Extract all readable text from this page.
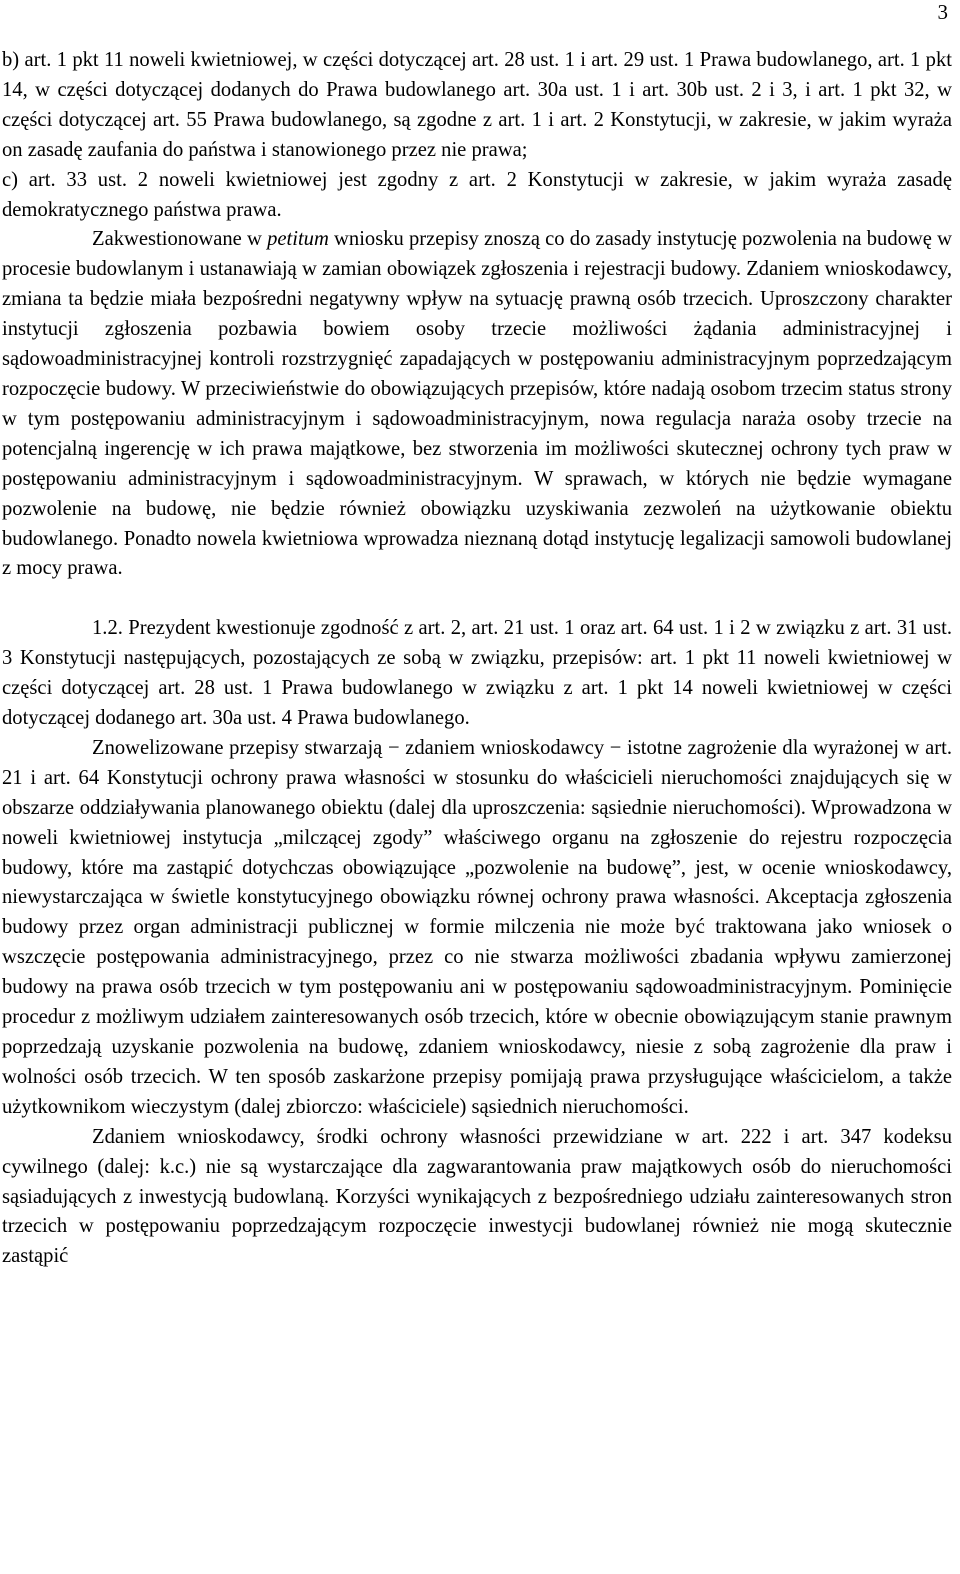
3

b) art. 1 pkt 11 noweli kwietniowej, w części dotyczącej art. 28 ust. 1 i art. 29 ust. 1 Prawa budowlanego, art. 1 pkt 14, w części dotyczącej dodanych do Prawa budowlanego art. 30a ust. 1 i art. 30b ust. 2 i 3, i art. 1 pkt 32, w części dotyczącej art. 55 Prawa budowlanego, są zgodne z art. 1 i art. 2 Konstytucji, w zakresie, w jakim wyraża on zasadę zaufania do państwa i stanowionego przez nie prawa;

c) art. 33 ust. 2 noweli kwietniowej jest zgodny z art. 2 Konstytucji w zakresie, w jakim wyraża zasadę demokratycznego państwa prawa.

Zakwestionowane w petitum wniosku przepisy znoszą co do zasady instytucję pozwolenia na budowę w procesie budowlanym i ustanawiają w zamian obowiązek zgłoszenia i rejestracji budowy. Zdaniem wnioskodawcy, zmiana ta będzie miała bezpośredni negatywny wpływ na sytuację prawną osób trzecich. Uproszczony charakter instytucji zgłoszenia pozbawia bowiem osoby trzecie możliwości żądania administracyjnej i sądowoadministracyjnej kontroli rozstrzygnięć zapadających w postępowaniu administracyjnym poprzedzającym rozpoczęcie budowy. W przeciwieństwie do obowiązujących przepisów, które nadają osobom trzecim status strony w tym postępowaniu administracyjnym i sądowoadministracyjnym, nowa regulacja naraża osoby trzecie na potencjalną ingerencję w ich prawa majątkowe, bez stworzenia im możliwości skutecznej ochrony tych praw w postępowaniu administracyjnym i sądowoadministracyjnym. W sprawach, w których nie będzie wymagane pozwolenie na budowę, nie będzie również obowiązku uzyskiwania zezwoleń na użytkowanie obiektu budowlanego. Ponadto nowela kwietniowa wprowadza nieznaną dotąd instytucję legalizacji samowoli budowlanej z mocy prawa.

1.2. Prezydent kwestionuje zgodność z art. 2, art. 21 ust. 1 oraz art. 64 ust. 1 i 2 w związku z art. 31 ust. 3 Konstytucji następujących, pozostających ze sobą w związku, przepisów: art. 1 pkt 11 noweli kwietniowej w części dotyczącej art. 28 ust. 1 Prawa budowlanego w związku z art. 1 pkt 14 noweli kwietniowej w części dotyczącej dodanego art. 30a ust. 4 Prawa budowlanego.

Znowelizowane przepisy stwarzają − zdaniem wnioskodawcy − istotne zagrożenie dla wyrażonej w art. 21 i art. 64 Konstytucji ochrony prawa własności w stosunku do właścicieli nieruchomości znajdujących się w obszarze oddziaływania planowanego obiektu (dalej dla uproszczenia: sąsiednie nieruchomości). Wprowadzona w noweli kwietniowej instytucja „milczącej zgody” właściwego organu na zgłoszenie do rejestru rozpoczęcia budowy, które ma zastąpić dotychczas obowiązujące „pozwolenie na budowę”, jest, w ocenie wnioskodawcy, niewystarczająca w świetle konstytucyjnego obowiązku równej ochrony prawa własności. Akceptacja zgłoszenia budowy przez organ administracji publicznej w formie milczenia nie może być traktowana jako wniosek o wszczęcie postępowania administracyjnego, przez co nie stwarza możliwości zbadania wpływu zamierzonej budowy na prawa osób trzecich w tym postępowaniu ani w postępowaniu sądowoadministracyjnym. Pominięcie procedur z możliwym udziałem zainteresowanych osób trzecich, które w obecnie obowiązującym stanie prawnym poprzedzają uzyskanie pozwolenia na budowę, zdaniem wnioskodawcy, niesie z sobą zagrożenie dla praw i wolności osób trzecich. W ten sposób zaskarżone przepisy pomijają prawa przysługujące właścicielom, a także użytkownikom wieczystym (dalej zbiorczo: właściciele) sąsiednich nieruchomości.

Zdaniem wnioskodawcy, środki ochrony własności przewidziane w art. 222 i art. 347 kodeksu cywilnego (dalej: k.c.) nie są wystarczające dla zagwarantowania praw majątkowych osób do nieruchomości sąsiadujących z inwestycją budowlaną. Korzyści wynikających z bezpośredniego udziału zainteresowanych stron trzecich w postępowaniu poprzedzającym rozpoczęcie inwestycji budowlanej również nie mogą skutecznie zastąpić
